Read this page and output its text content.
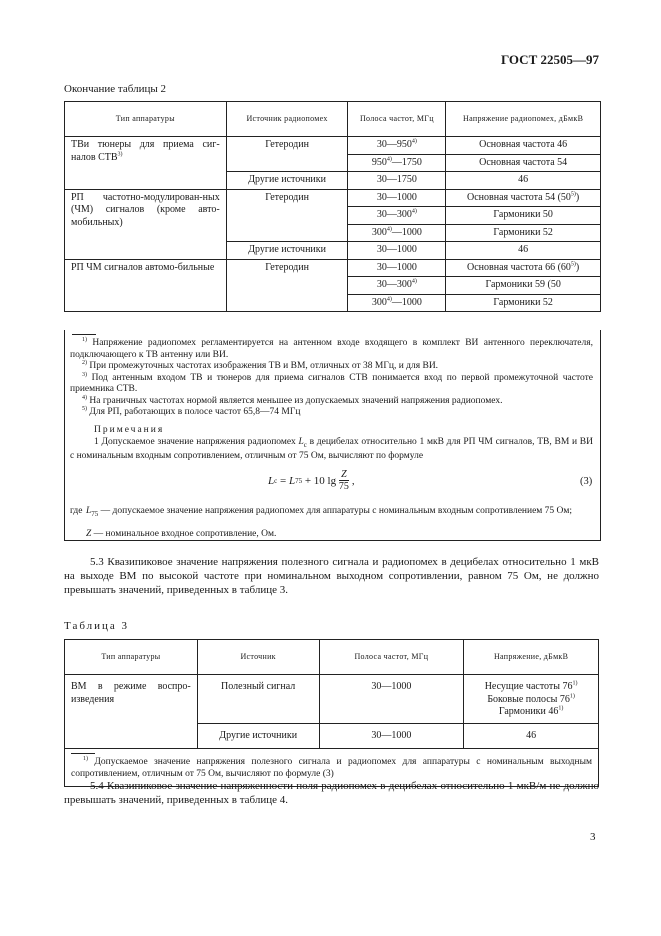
ГОСТ 22505—97
Окончание таблицы 2
Тип аппаратуры	Источник радиопомех	Полоса частот, МГц	Напряжение радиопомех, дБмкВ
ТВи тюнеры для приема сиг-налов СТВ$^{3)}$	Гетеродин	30—950$^{4)}$	Основная частота 46
		950$^{4)}$—1750	Основная частота 54
	Другие источники	30—1750	46
РП частотно-модулирован-ных (ЧМ) сигналов (кроме авто-мобильных)	Гетеродин	30—1000	Основная частота 54 (50$^{5)}$)
		30—300$^{4)}$	Гармоники 50
		300$^{4)}$—1000	Гармоники 52
	Другие источники	30—1000	46
РП ЧМ сигналов автомо-бильные	Гетеродин	30—1000	Основная частота 66 (60$^{5)}$)
		30—300$^{4)}$	Гармоники 59 (50
		300$^{4)}$—1000	Гармоники 52
$^{1)}$ Напряжение радиопомех регламентируется на антенном входе входящего в комплект ВИ антенного переключателя, подключающего к ТВ антенну или ВИ.
$^{2)}$ При промежуточных частотах изображения ТВ и ВМ, отличных от 38 МГц, и для ВИ.
$^{3)}$ Под антенным входом ТВ и тюнеров для приема сигналов СТВ понимается вход по первой промежуточной частоте приемника СТВ.
$^{4)}$ На граничных частотах нормой является меньшее из допускаемых значений напряжения радиопомех.
$^{5)}$ Для РП, работающих в полосе частот 65,8—74 МГц
Примечания
1 Допускаемое значение напряжения радиопомех $L_c$ в децибелах относительно 1 мкВ для РП ЧМ сигналов, ТВ, ВМ и ВИ с номинальным входным сопротивлением, отличным от 75 Ом, вычисляют по формуле
L c = L 75 + 10 lg Z
75 ,	(3)
где $L_{75}$ — допускаемое значение напряжения радиопомех для аппаратуры с номинальным входным сопротивлением 75 Ом;
Z — номинальное входное сопротивление, Ом.
5.3 Квазипиковое значение напряжения полезного сигнала и радиопомех в децибелах относительно 1 мкВ на выходе ВМ по высокой частоте при номинальном выходном сопротивлении, равном 75 Ом, не должно превышать значений, приведенных в таблице 3.
Таблица 3
Тип аппаратуры	Источник	Полоса частот, МГц	Напряжение, дБмкВ
ВМ в режиме воспро-изведения	Полезный сигнал	30—1000	Несущие частоты 76$^{1)}$
Боковые полосы 76$^{1)}$
Гармоники 46$^{1)}$

	Другие источники	30—1000	46

$^{1)}$ Допускаемое значение напряжения полезного сигнала и радиопомех для аппаратуры с номинальным выходным сопротивлением, отличным от 75 Ом, вычисляют по формуле (3)			
5.4 Квазипиковое значение напряженности поля радиопомех в децибелах относительно 1 мкВ/м не должно превышать значений, приведенных в таблице 4.
3
